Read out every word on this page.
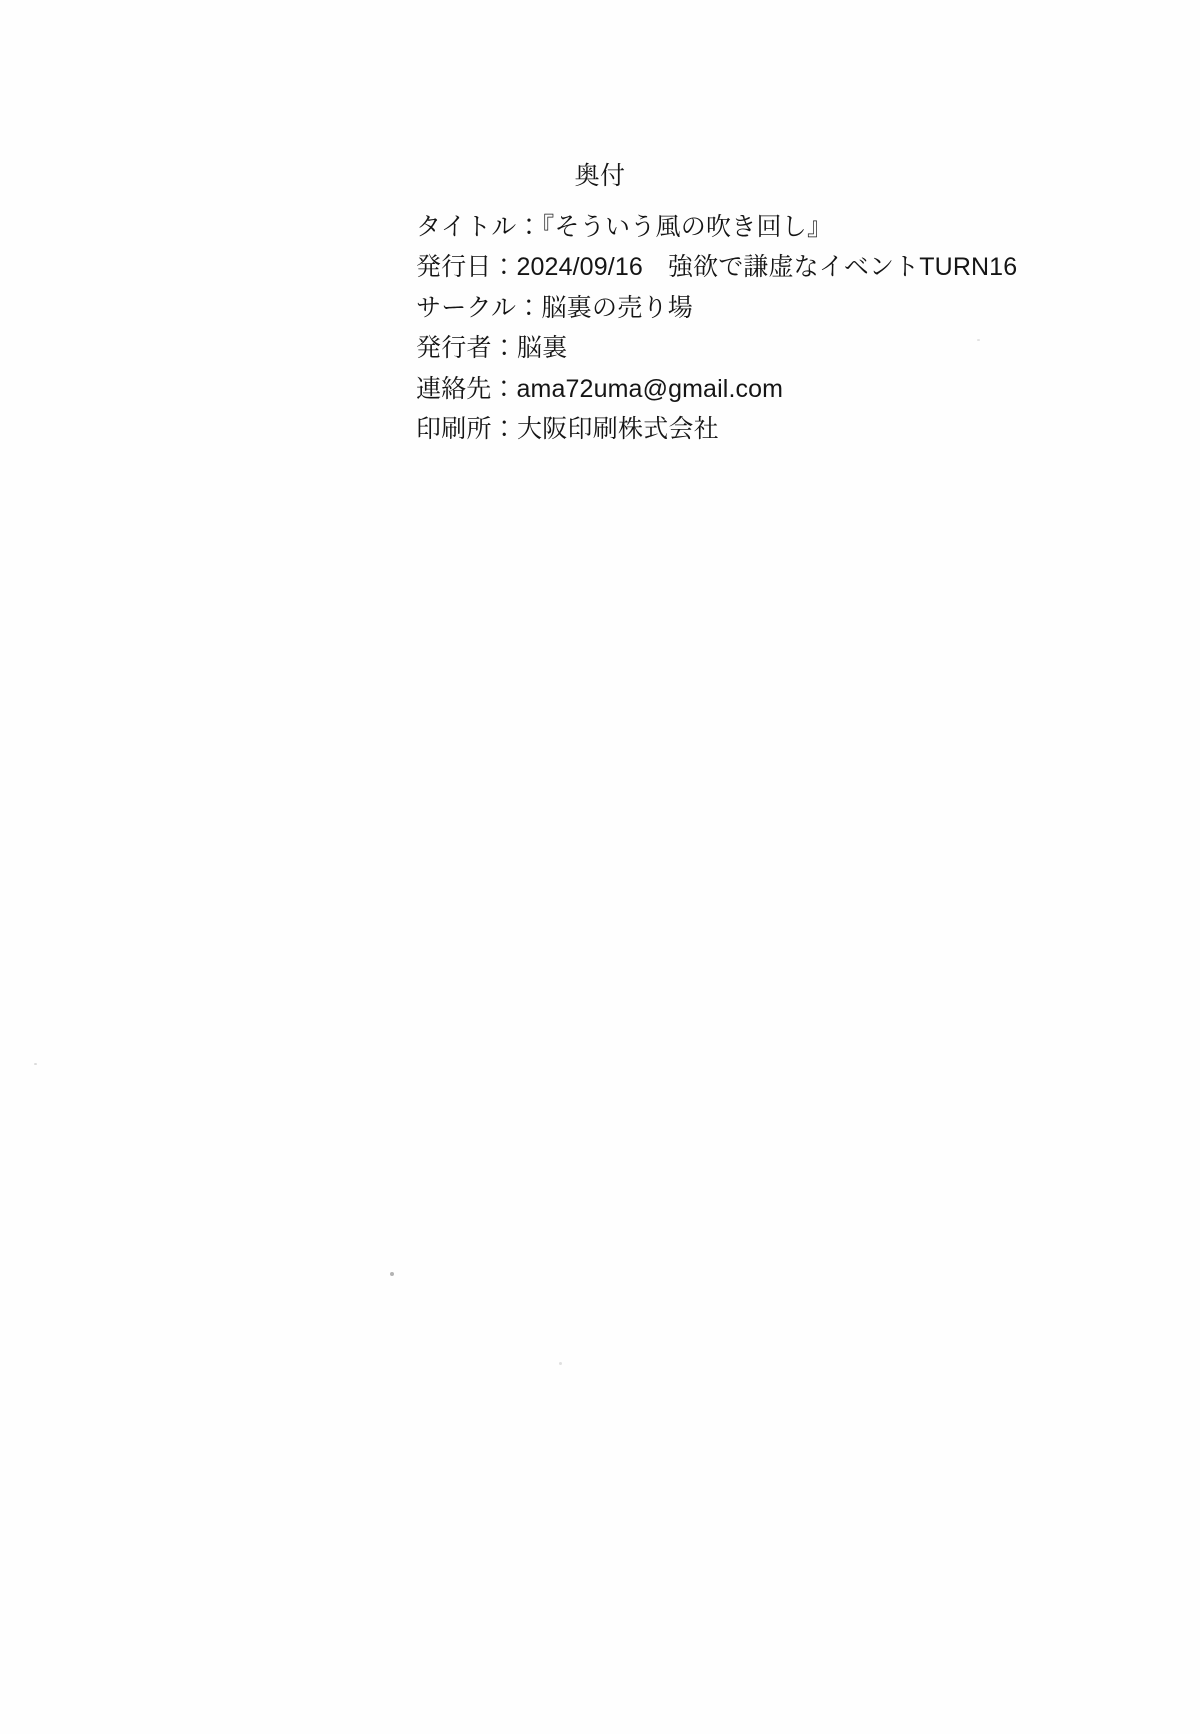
奥付
タイトル：『そういう風の吹き回し』
発行日：2024/09/16　強欲で謙虚なイベントTURN16
サークル：脳裏の売り場
発行者：脳裏
連絡先：ama72uma@gmail.com
印刷所：大阪印刷株式会社
